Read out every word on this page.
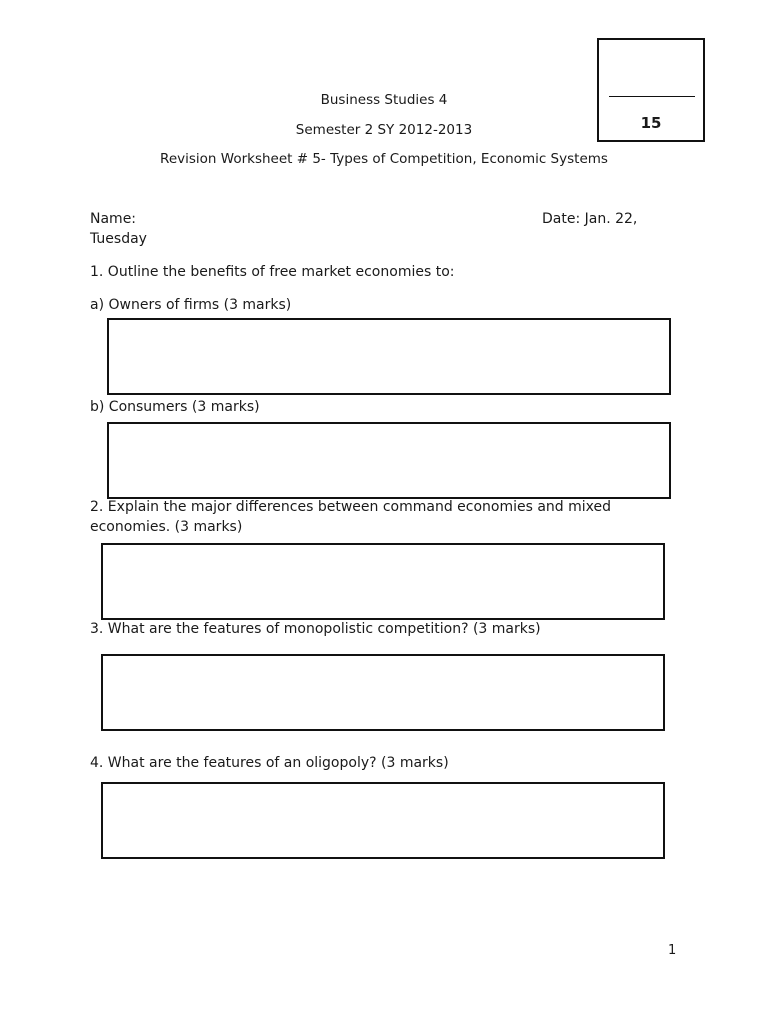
Business Studies 4
Semester 2 SY 2012-2013
Revision Worksheet # 5- Types of Competition, Economic Systems
15
Name:	Date: Jan. 22,
Tuesday
1. Outline the benefits of free market economies to:
a) Owners of firms (3 marks)
b) Consumers (3 marks)
2. Explain the major differences between command economies and mixed
economies. (3 marks)
3. What are the features of monopolistic competition? (3 marks)
4. What are the features of an oligopoly? (3 marks)
1
